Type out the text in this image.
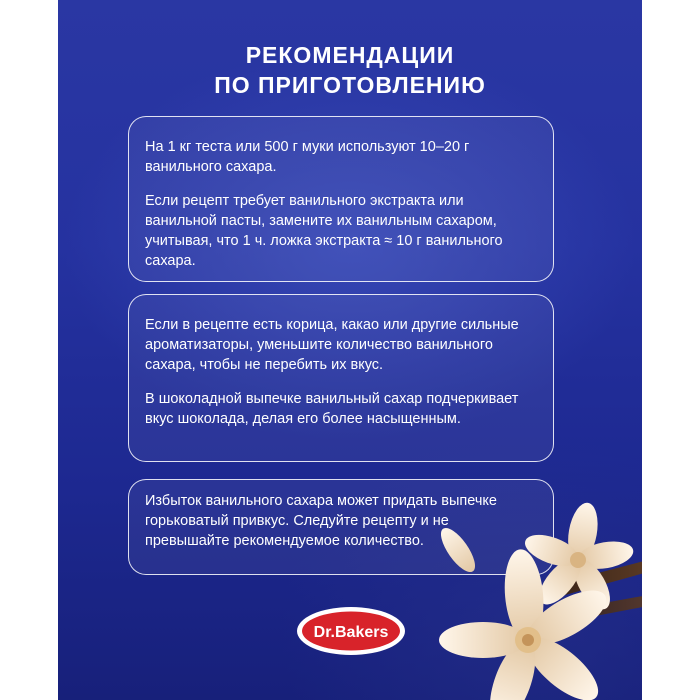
РЕКОМЕНДАЦИИ
ПО ПРИГОТОВЛЕНИЮ

На 1 кг теста или 500 г муки используют 10–20 г ванильного сахара.

Если рецепт требует ванильного экстракта или ванильной пасты, замените их ванильным сахаром, учитывая, что 1 ч. ложка экстракта ≈ 10 г ванильного сахара.

Если в рецепте есть корица, какао или другие сильные ароматизаторы, уменьшите количество ванильного сахара, чтобы не перебить их вкус.

В шоколадной выпечке ванильный сахар подчеркивает вкус шоколада, делая его более насыщенным.

Избыток ванильного сахара может придать выпечке горьковатый привкус. Следуйте рецепту и не превышайте рекомендуемое количество.

Dr.Bakers
